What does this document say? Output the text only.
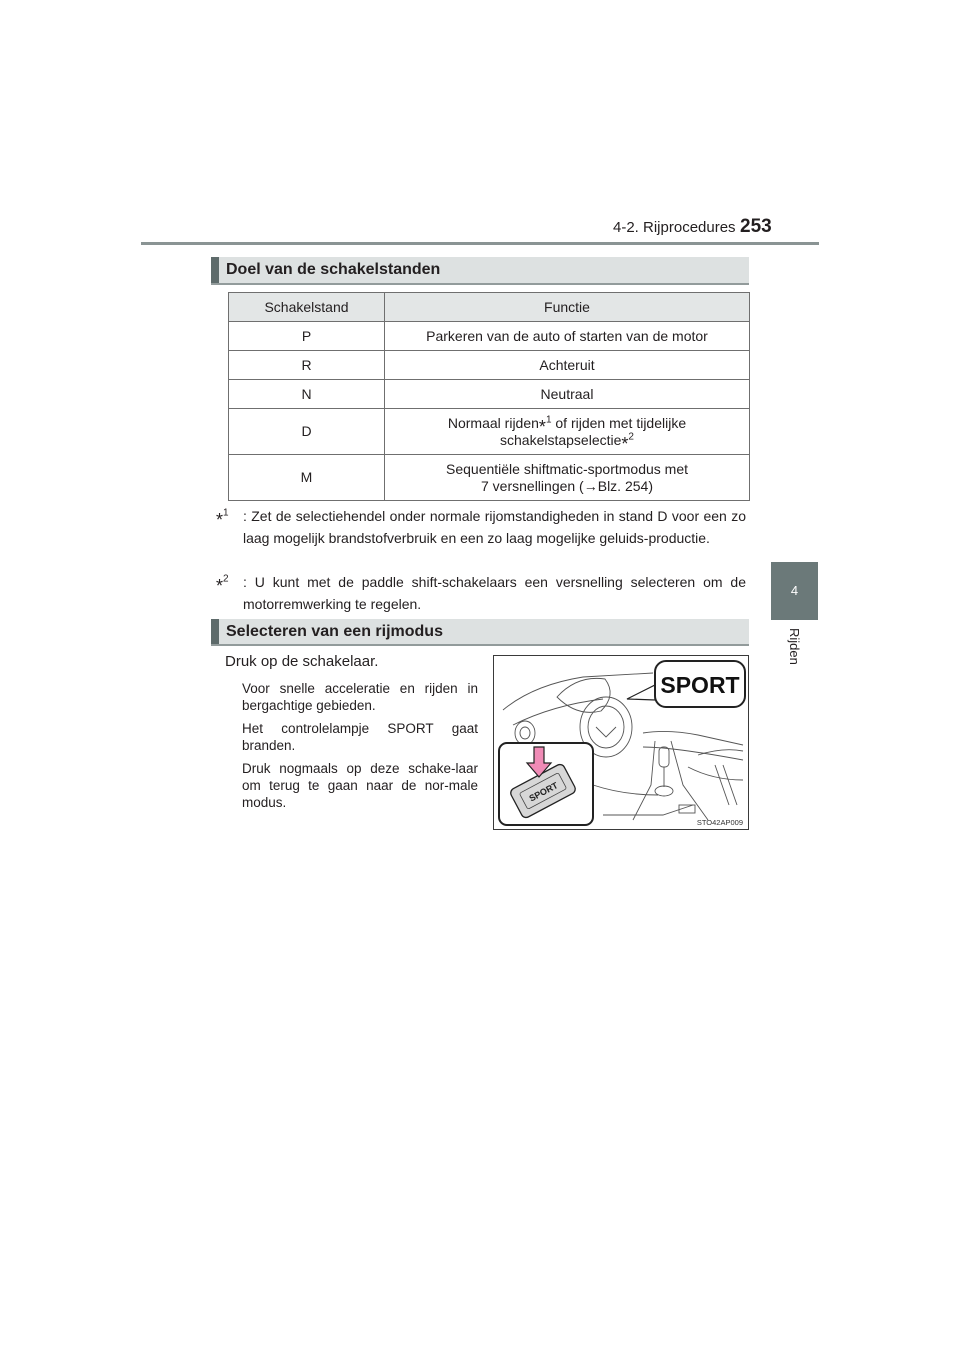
4-2. Rijprocedures 253
4
Rijden
Doel van de schakelstanden
Schakelstand	Functie
P	Parkeren van de auto of starten van de motor
R	Achteruit
N	Neutraal
D	Normaal rijden*$^1$ of rijden met tijdelijke
schakelstapselectie*$^2$
M	Sequentiële shiftmatic-sportmodus met
7 versnellingen (→Blz. 254)
*$^1$ : Zet de selectiehendel onder normale rijomstandigheden in stand D voor een zo laag mogelijk brandstofverbruik en een zo laag mogelijke geluids-productie.
*$^2$ : U kunt met de paddle shift-schakelaars een versnelling selecteren om de motorremwerking te regelen.
Selecteren van een rijmodus
Druk op de schakelaar.
Voor snelle acceleratie en rijden in bergachtige gebieden.
Het controlelampje SPORT gaat branden.
Druk nogmaals op deze schake-laar om terug te gaan naar de nor-male modus.
SPORT
SPORT
STO42AP009
